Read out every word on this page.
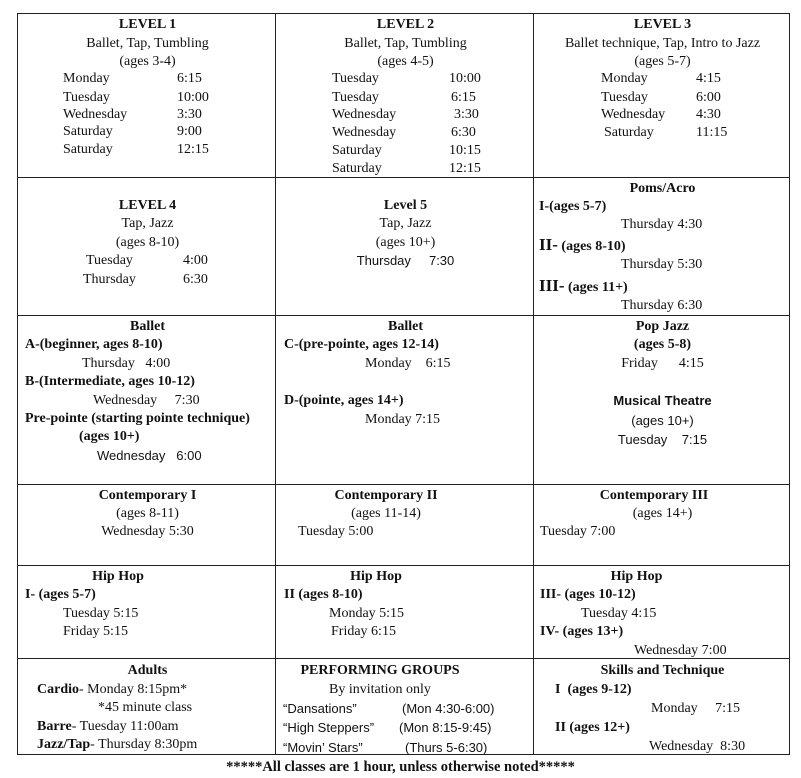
LEVEL 1
Ballet, Tap, Tumbling
(ages 3-4)
Monday	6:15
Tuesday	10:00
Wednesday	3:30
Saturday	9:00
Saturday	12:15
LEVEL 2
Ballet, Tap, Tumbling
(ages 4-5)
Tuesday	10:00
Tuesday	6:15
Wednesday	3:30
Wednesday	6:30
Saturday	10:15
Saturday	12:15
LEVEL 3
Ballet technique, Tap, Intro to Jazz
(ages 5-7)
Monday	4:15
Tuesday	6:00
Wednesday 4:30
Saturday	11:15
LEVEL 4
Tap, Jazz
(ages 8-10)
Tuesday	4:00
Thursday	6:30
Level 5
Tap, Jazz
(ages 10+)
Thursday     7:30
Poms/Acro
I-(ages 5-7)
Thursday 4:30
II- (ages 8-10)
Thursday 5:30
III- (ages 11+)
Thursday 6:30
Ballet
A-(beginner, ages 8-10)
Thursday   4:00
B-(Intermediate, ages 10-12)
Wednesday     7:30
Pre-pointe (starting pointe technique)
(ages 10+)
Wednesday   6:00
Ballet
C-(pre-pointe, ages 12-14)
Monday    6:15
D-(pointe, ages 14+)
Monday 7:15
Pop Jazz
(ages 5-8)
Friday      4:15
Musical Theatre
(ages 10+)
Tuesday    7:15
Contemporary I
(ages 8-11)
Wednesday 5:30
Contemporary II
(ages 11-14)
Tuesday 5:00
Contemporary III
(ages 14+)
Tuesday 7:00
Hip Hop
I- (ages 5-7)
Tuesday 5:15
Friday 5:15
Hip Hop
II (ages 8-10)
Monday 5:15
Friday 6:15
Hip Hop
III- (ages 10-12)
Tuesday 4:15
IV- (ages 13+)
Wednesday 7:00
Adults
Cardio- Monday 8:15pm*
*45 minute class
Barre- Tuesday 11:00am
Jazz/Tap- Thursday 8:30pm
PERFORMING GROUPS
By invitation only
“Dansations”	(Mon 4:30-6:00)
“High Steppers” (Mon 8:15-9:45)
“Movin’ Stars”	(Thurs 5-6:30)
Skills and Technique
I  (ages 9-12)
Monday     7:15
II (ages 12+)
Wednesday  8:30
*****All classes are 1 hour, unless otherwise noted*****
